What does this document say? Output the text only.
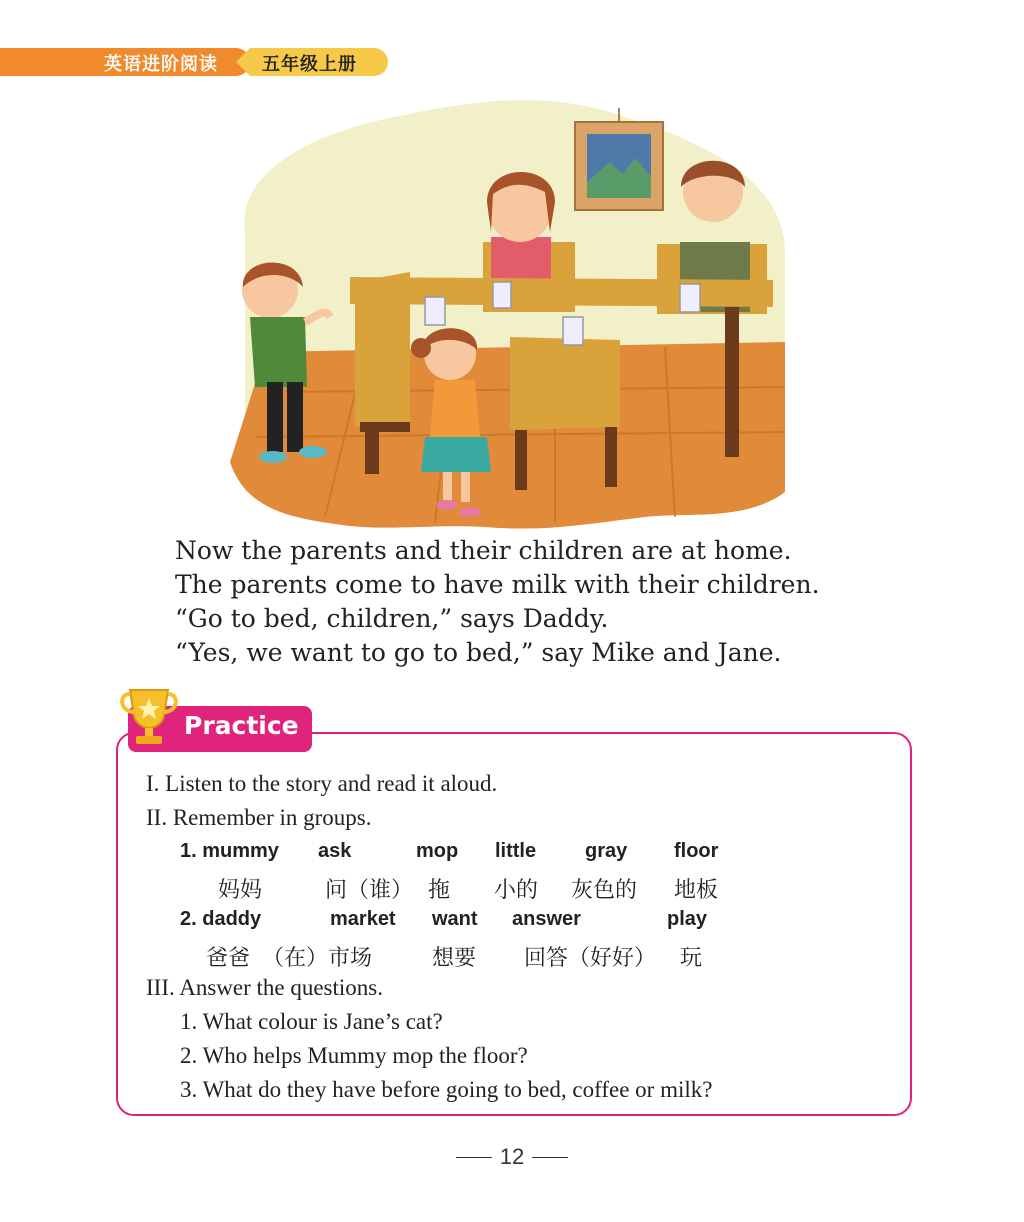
英语进阶阅读 五年级上册
Now the parents and their children are at home.
The parents come to have milk with their children.
“Go to bed, children,” says Daddy.
“Yes, we want to go to bed,” say Mike and Jane.
Practice
I. Listen to the story and read it aloud.
II. Remember in groups.
1. mummy ask	mop little gray floor
妈妈	问（谁） 拖 小的 灰色的 地板
2. daddy	market want answer	play
爸爸 （在）市场	想要 回答（好好） 玩
III. Answer the questions.
1. What colour is Jane’s cat?
2. Who helps Mummy mop the floor?
3. What do they have before going to bed, coffee or milk?
12
